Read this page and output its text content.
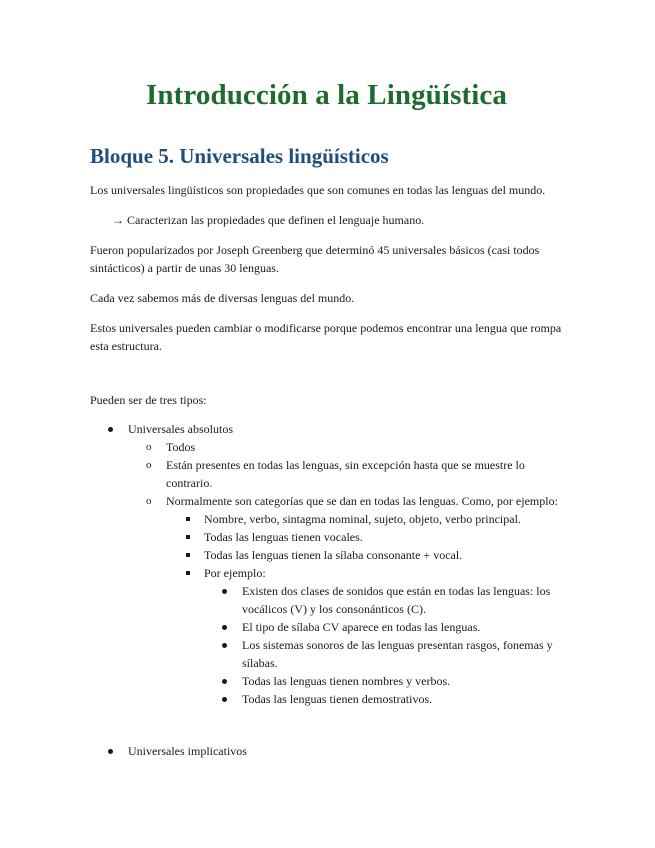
Introducción a la Lingüística
Bloque 5. Universales lingüísticos

Los universales lingüísticos son propiedades que son comunes en todas las lenguas del mundo.

→ Caracterizan las propiedades que definen el lenguaje humano.

Fueron popularizados por Joseph Greenberg que determinó 45 universales básicos (casi todos sintácticos) a partir de unas 30 lenguas.

Cada vez sabemos más de diversas lenguas del mundo.

Estos universales pueden cambiar o modificarse porque podemos encontrar una lengua que rompa esta estructura.

Pueden ser de tres tipos:

Universales absolutos
o Todos
o Están presentes en todas las lenguas, sin excepción hasta que se muestre lo contrario.
o Normalmente son categorías que se dan en todas las lenguas. Como, por ejemplo:
Nombre, verbo, sintagma nominal, sujeto, objeto, verbo principal.
Todas las lenguas tienen vocales.
Todas las lenguas tienen la sílaba consonante + vocal.
Por ejemplo:
Existen dos clases de sonidos que están en todas las lenguas: los vocálicos (V) y los consonánticos (C).
El tipo de sílaba CV aparece en todas las lenguas.
Los sistemas sonoros de las lenguas presentan rasgos, fonemas y sílabas.
Todas las lenguas tienen nombres y verbos.
Todas las lenguas tienen demostrativos.
Universales implicativos
